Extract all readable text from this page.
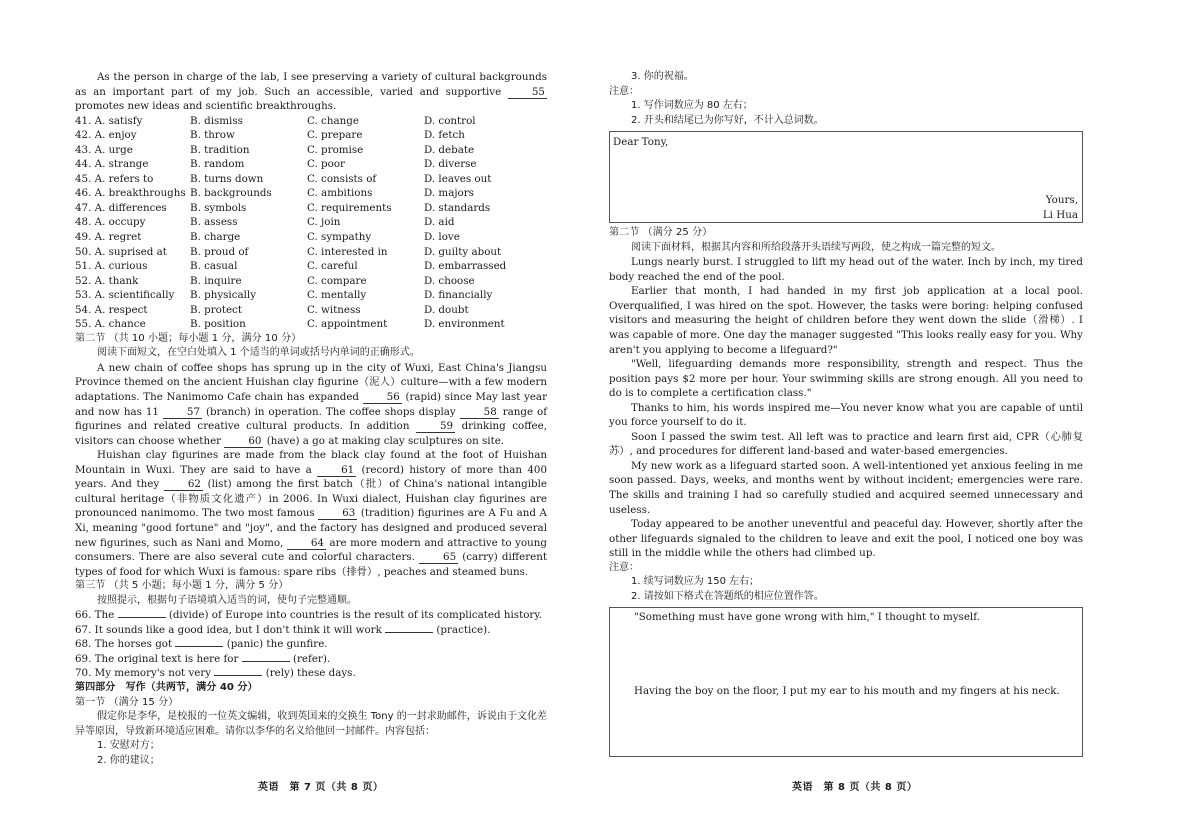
As the person in charge of the lab, I see preserving a variety of cultural backgrounds as an important part of my job. Such an accessible, varied and supportive	55 promotes new ideas and scientific breakthroughs.

41. A. satisfy	B. dismiss	C. change	D. control
42. A. enjoy	B. throw	C. prepare	D. fetch
43. A. urge	B. tradition	C. promise	D. debate
44. A. strange	B. random	C. poor	D. diverse
45. A. refers to	B. turns down	C. consists of	D. leaves out
46. A. breakthroughs B. backgrounds	C. ambitions	D. majors
47. A. differences	B. symbols	C. requirements	D. standards
48. A. occupy	B. assess	C. join	D. aid
49. A. regret	B. charge	C. sympathy	D. love
50. A. suprised at	B. proud of	C. interested in	D. guilty about
51. A. curious	B. casual	C. careful	D. embarrassed
52. A. thank	B. inquire	C. compare	D. choose
53. A. scientifically	B. physically	C. mentally	D. financially
54. A. respect	B. protect	C. witness	D. doubt
55. A. chance	B. position	C. appointment	D. environment

第二节 （共 10 小题；每小题 1 分，满分 10 分）

阅读下面短文，在空白处填入 1 个适当的单词或括号内单词的正确形式。

A new chain of coffee shops has sprung up in the city of Wuxi, East China's Jiangsu Province themed on the ancient Huishan clay figurine（泥人）culture—with a few modern adaptations. The Nanimomo Cafe chain has expanded	56 (rapid) since May last year and now has 11	57 (branch) in operation. The coffee shops display	58 range of figurines and related creative cultural products. In addition	59 drinking coffee, visitors can choose whether	60 (have) a go at making clay sculptures on site.

Huishan clay figurines are made from the black clay found at the foot of Huishan Mountain in Wuxi. They are said to have a	61 (record) history of more than 400 years. And they	62 (list) among the first batch（批）of China's national intangible cultural heritage（非物质文化遗产）in 2006. In Wuxi dialect, Huishan clay figurines are pronounced nanimomo. The two most famous	63 (tradition) figurines are A Fu and A Xi, meaning "good fortune" and "joy", and the factory has designed and produced several new figurines, such as Nani and Momo,	64 are more modern and attractive to young consumers. There are also several cute and colorful characters.	65 (carry) different types of food for which Wuxi is famous: spare ribs（排骨）, peaches and steamed buns.

第三节 （共 5 小题；每小题 1 分，满分 5 分）

按照提示，根据句子语境填入适当的词，使句子完整通顺。

66. The	(divide) of Europe into countries is the result of its complicated history.

67. It sounds like a good idea, but I don't think it will work	(practice).

68. The horses got	(panic) the gunfire.

69. The original text is here for	(refer).

70. My memory's not very	(rely) these days.

第四部分　写作（共两节，满分 40 分）

第一节 （满分 15 分）

假定你是李华，是校报的一位英文编辑，收到英国来的交换生 Tony 的一封求助邮件，诉说由于文化差异等原因，导致新环境适应困难。请你以李华的名义给他回一封邮件。内容包括：

1. 安慰对方；

2. 你的建议；

英语　第 7 页（共 8 页）

3. 你的祝福。

注意：

1. 写作词数应为 80 左右；

2. 开头和结尾已为你写好，不计入总词数。

Dear Tony,
Yours,
Li Hua

第二节 （满分 25 分）

阅读下面材料，根据其内容和所给段落开头语续写两段，使之构成一篇完整的短文。

Lungs nearly burst. I struggled to lift my head out of the water. Inch by inch, my tired body reached the end of the pool.

Earlier that month, I had handed in my first job application at a local pool. Overqualified, I was hired on the spot. However, the tasks were boring: helping confused visitors and measuring the height of children before they went down the slide（滑梯）. I was capable of more. One day the manager suggested "This looks really easy for you. Why aren't you applying to become a lifeguard?"

"Well, lifeguarding demands more responsibility, strength and respect. Thus the position pays $2 more per hour. Your swimming skills are strong enough. All you need to do is to complete a certification class."

Thanks to him, his words inspired me—You never know what you are capable of until you force yourself to do it.

Soon I passed the swim test. All left was to practice and learn first aid, CPR（心肺复苏）, and procedures for different land-based and water-based emergencies.

My new work as a lifeguard started soon. A well-intentioned yet anxious feeling in me soon passed. Days, weeks, and months went by without incident; emergencies were rare. The skills and training I had so carefully studied and acquired seemed unnecessary and useless.

Today appeared to be another uneventful and peaceful day. However, shortly after the other lifeguards signaled to the children to leave and exit the pool, I noticed one boy was still in the middle while the others had climbed up.

注意：

1. 续写词数应为 150 左右；

2. 请按如下格式在答题纸的相应位置作答。

"Something must have gone wrong with him," I thought to myself.
Having the boy on the floor, I put my ear to his mouth and my fingers at his neck.
英语　第 8 页（共 8 页）
